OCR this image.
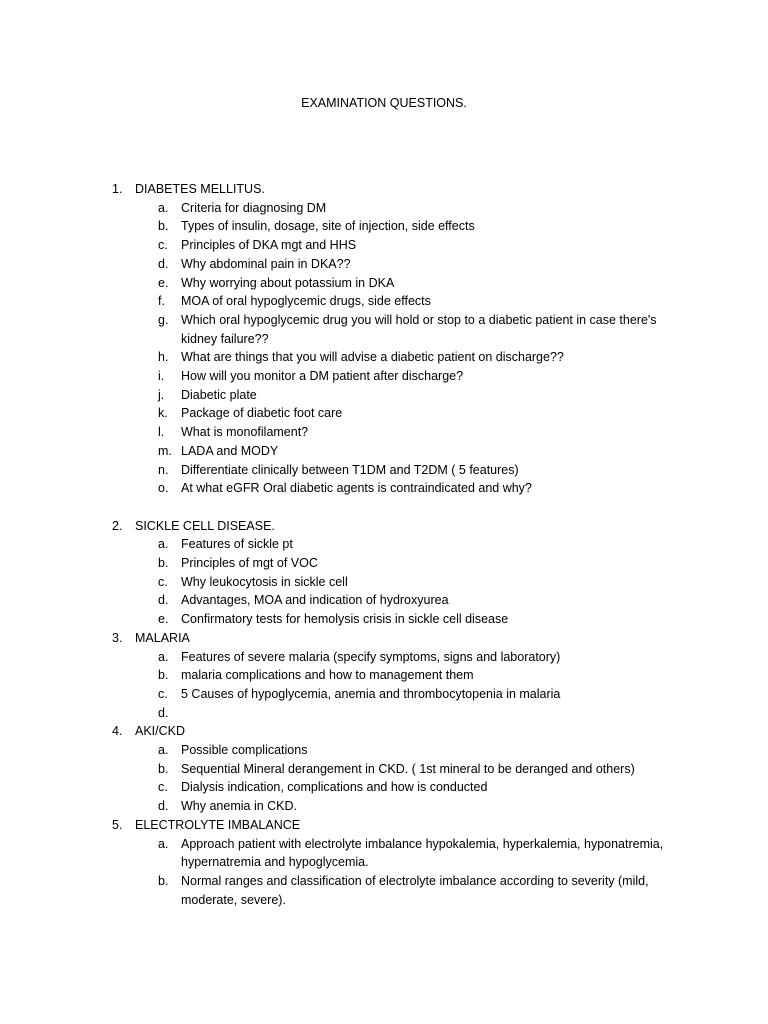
EXAMINATION QUESTIONS.
1. DIABETES MELLITUS.
a. Criteria for diagnosing DM
b. Types of insulin, dosage, site of injection, side effects
c. Principles of DKA mgt and HHS
d. Why abdominal pain in DKA??
e. Why worrying about potassium in DKA
f. MOA of oral hypoglycemic drugs, side effects
g. Which oral hypoglycemic drug you will hold or stop to a diabetic patient in case there's kidney failure??
h. What are things that you will advise a diabetic patient on discharge??
i. How will you monitor a DM patient after discharge?
j. Diabetic plate
k. Package of diabetic foot care
l. What is monofilament?
m. LADA and MODY
n. Differentiate clinically between T1DM and T2DM ( 5 features)
o. At what eGFR Oral diabetic agents is contraindicated and why?
2. SICKLE CELL DISEASE.
a. Features of sickle pt
b. Principles of mgt of VOC
c. Why leukocytosis in sickle cell
d. Advantages, MOA and indication of hydroxyurea
e. Confirmatory tests for hemolysis crisis in sickle cell disease
3. MALARIA
a. Features of severe malaria (specify symptoms, signs and laboratory)
b. malaria complications and how to management them
c. 5 Causes of hypoglycemia, anemia and thrombocytopenia in malaria
d.
4. AKI/CKD
a. Possible complications
b. Sequential Mineral derangement in CKD. ( 1st mineral to be deranged and others)
c. Dialysis indication, complications and how is conducted
d. Why anemia in CKD.
5. ELECTROLYTE IMBALANCE
a. Approach patient with electrolyte imbalance hypokalemia, hyperkalemia, hyponatremia, hypernatremia and hypoglycemia.
b. Normal ranges and classification of electrolyte imbalance according to severity (mild, moderate, severe).
